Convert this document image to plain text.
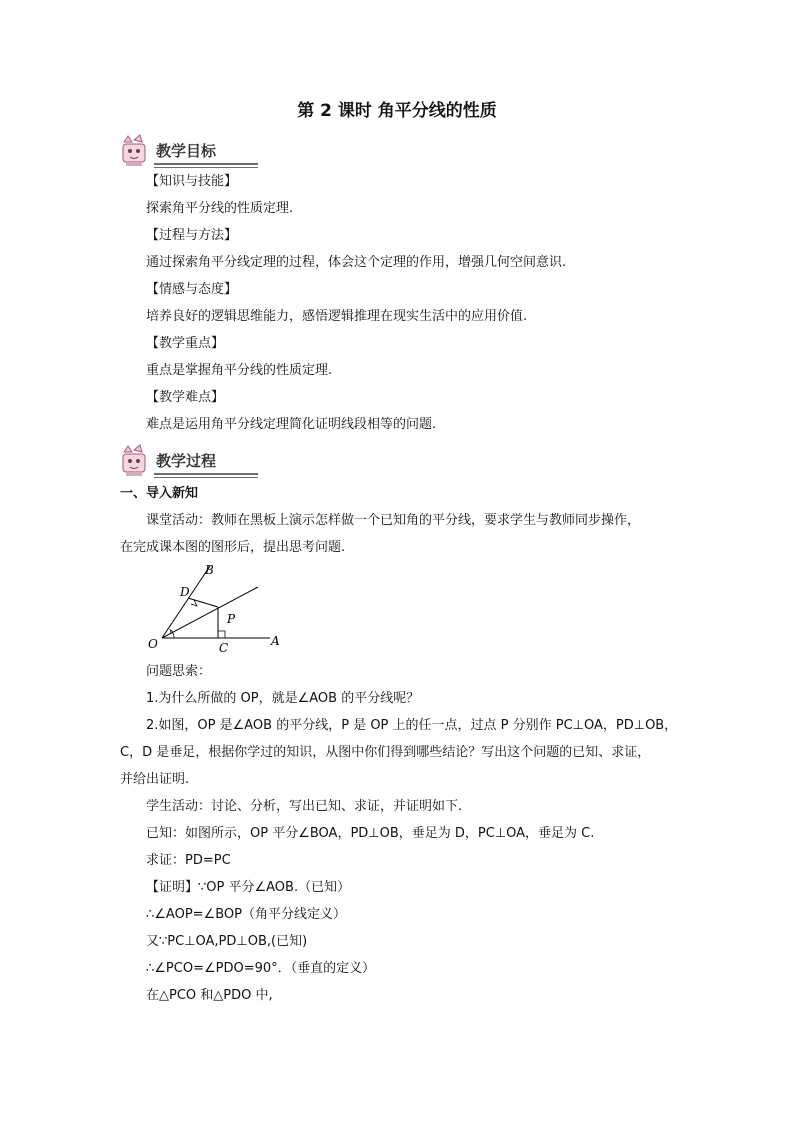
第 2 课时 角平分线的性质
教学目标
【知识与技能】
探索角平分线的性质定理.
【过程与方法】
通过探索角平分线定理的过程，体会这个定理的作用，增强几何空间意识.
【情感与态度】
培养良好的逻辑思维能力，感悟逻辑推理在现实生活中的应用价值.
【教学重点】
重点是掌握角平分线的性质定理.
【教学难点】
难点是运用角平分线定理简化证明线段相等的问题.
教学过程
一、导入新知
课堂活动：教师在黑板上演示怎样做一个已知角的平分线，要求学生与教师同步操作，
在完成课本图的图形后，提出思考问题.
B
D
P
O	C	A
问题思索：
1.为什么所做的 OP，就是∠AOB 的平分线呢？
2.如图，OP 是∠AOB 的平分线，P 是 OP 上的任一点，过点 P 分别作 PC⊥OA，PD⊥OB，
C，D 是垂足，根据你学过的知识，从图中你们得到哪些结论？写出这个问题的已知、求证，
并给出证明.
学生活动：讨论、分析，写出已知、求证，并证明如下.
已知：如图所示，OP 平分∠BOA，PD⊥OB，垂足为 D，PC⊥OA，垂足为 C.
求证：PD=PC
【证明】∵OP 平分∠AOB.（已知）
∴∠AOP=∠BOP（角平分线定义）
又∵PC⊥OA,PD⊥OB,(已知)
∴∠PCO=∠PDO=90°．（垂直的定义）
在△PCO 和△PDO 中,
